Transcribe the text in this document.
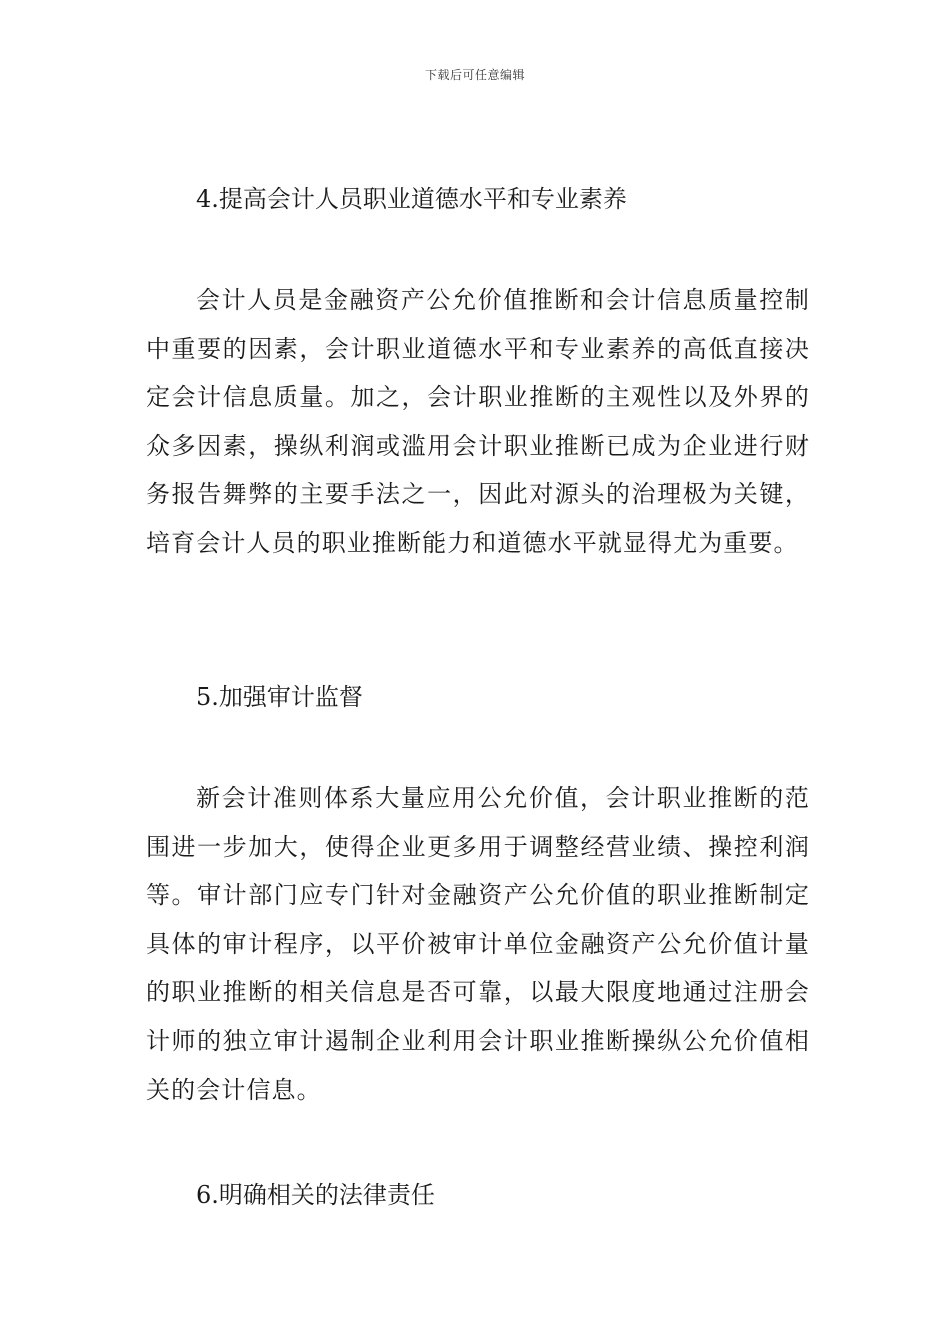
下载后可任意编辑
4.提高会计人员职业道德水平和专业素养
会计人员是金融资产公允价值推断和会计信息质量控制中重要的因素，会计职业道德水平和专业素养的高低直接决定会计信息质量。加之，会计职业推断的主观性以及外界的众多因素，操纵利润或滥用会计职业推断已成为企业进行财务报告舞弊的主要手法之一，因此对源头的治理极为关键，培育会计人员的职业推断能力和道德水平就显得尤为重要。
5.加强审计监督
新会计准则体系大量应用公允价值，会计职业推断的范围进一步加大，使得企业更多用于调整经营业绩、操控利润等。审计部门应专门针对金融资产公允价值的职业推断制定具体的审计程序，以平价被审计单位金融资产公允价值计量的职业推断的相关信息是否可靠，以最大限度地通过注册会计师的独立审计遏制企业利用会计职业推断操纵公允价值相关的会计信息。
6.明确相关的法律责任
